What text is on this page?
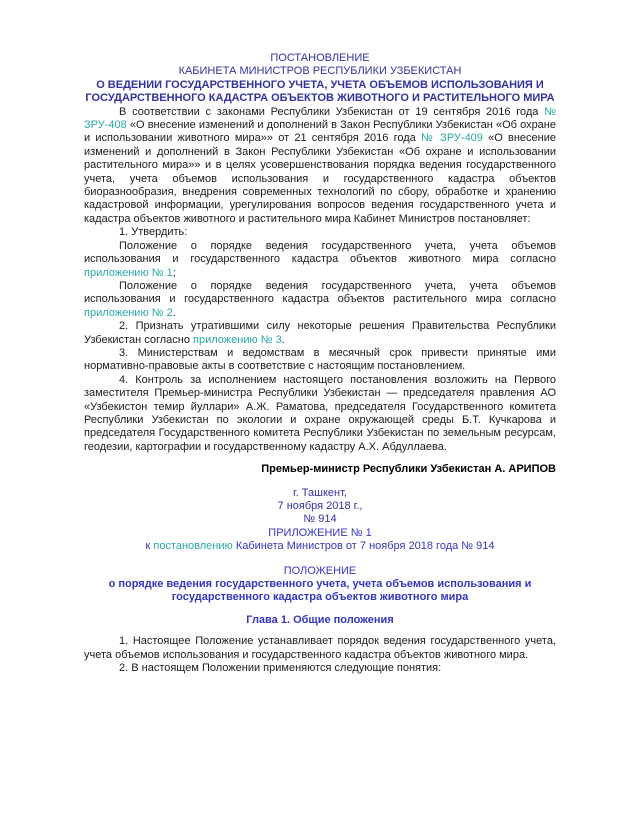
ПОСТАНОВЛЕНИЕ
КАБИНЕТА МИНИСТРОВ РЕСПУБЛИКИ УЗБЕКИСТАН
О ВЕДЕНИИ ГОСУДАРСТВЕННОГО УЧЕТА, УЧЕТА ОБЪЕМОВ ИСПОЛЬЗОВАНИЯ И ГОСУДАРСТВЕННОГО КАДАСТРА ОБЪЕКТОВ ЖИВОТНОГО И РАСТИТЕЛЬНОГО МИРА
В соответствии с законами Республики Узбекистан от 19 сентября 2016 года № ЗРУ-408 «О внесение изменений и дополнений в Закон Республики Узбекистан «Об охране и использовании животного мира»» от 21 сентября 2016 года № ЗРУ-409 «О внесение изменений и дополнений в Закон Республики Узбекистан «Об охране и использовании растительного мира»» и в целях усовершенствования порядка ведения государственного учета, учета объемов использования и государственного кадастра объектов биоразнообразия, внедрения современных технологий по сбору, обработке и хранению кадастровой информации, урегулирования вопросов ведения государственного учета и кадастра объектов животного и растительного мира Кабинет Министров постановляет:
1. Утвердить:
Положение о порядке ведения государственного учета, учета объемов использования и государственного кадастра объектов животного мира согласно приложению № 1;
Положение о порядке ведения государственного учета, учета объемов использования и государственного кадастра объектов растительного мира согласно приложению № 2.
2. Признать утратившими силу некоторые решения Правительства Республики Узбекистан согласно приложению № 3.
3. Министерствам и ведомствам в месячный срок привести принятые ими нормативно-правовые акты в соответствие с настоящим постановлением.
4. Контроль за исполнением настоящего постановления возложить на Первого заместителя Премьер-министра Республики Узбекистан — председателя правления АО «Узбекистон темир йуллари» А.Ж. Раматова, председателя Государственного комитета Республики Узбекистан по экологии и охране окружающей среды Б.Т. Кучкарова и председателя Государственного комитета Республики Узбекистан по земельным ресурсам, геодезии, картографии и государственному кадастру А.Х. Абдуллаева.
Премьер-министр Республики Узбекистан А. АРИПОВ
г. Ташкент,
7 ноября 2018 г.,
№ 914
ПРИЛОЖЕНИЕ № 1
к постановлению Кабинета Министров от 7 ноября 2018 года № 914
ПОЛОЖЕНИЕ
о порядке ведения государственного учета, учета объемов использования и государственного кадастра объектов животного мира
Глава 1. Общие положения
1. Настоящее Положение устанавливает порядок ведения государственного учета, учета объемов использования и государственного кадастра объектов животного мира.
2. В настоящем Положении применяются следующие понятия:
